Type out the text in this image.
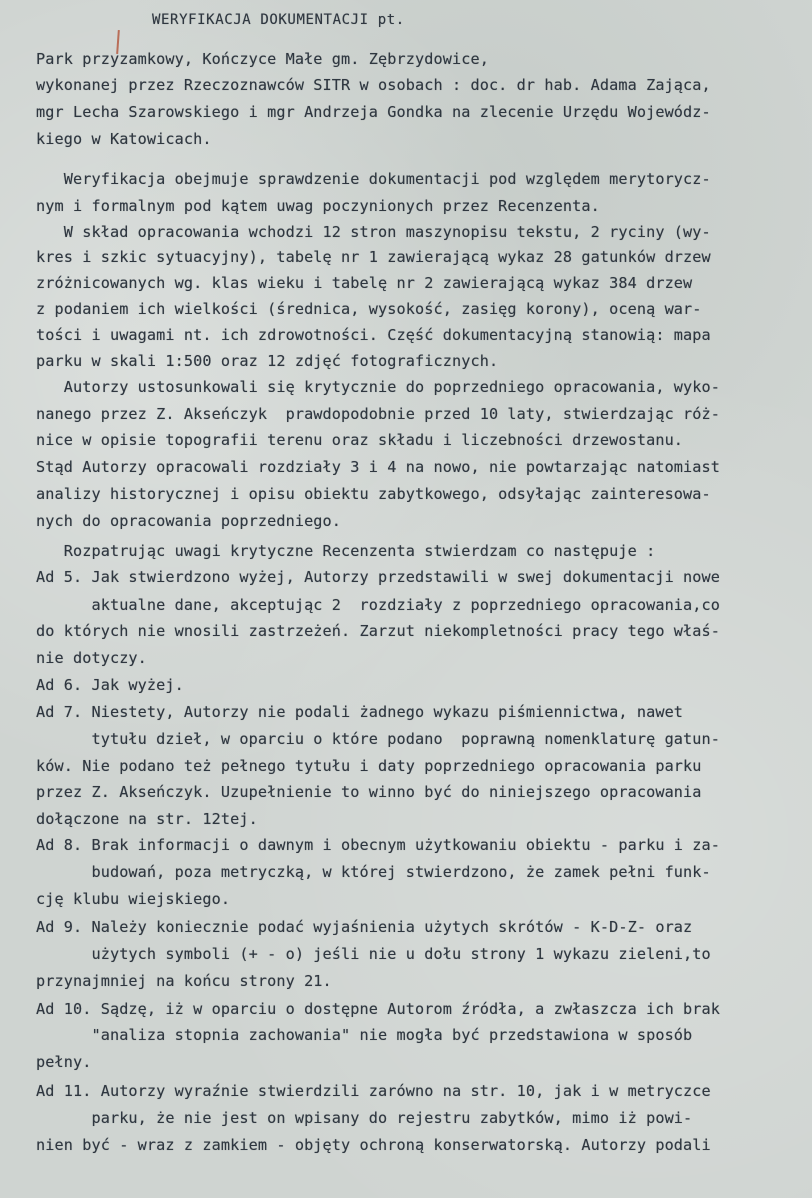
WERYFIKACJA DOKUMENTACJI pt.

Park przyzamkowy, Kończyce Małe gm. Zębrzydowice,

wykonanej przez Rzeczoznawców SITR w osobach : doc. dr hab. Adama Zająca,

mgr Lecha Szarowskiego i mgr Andrzeja Gondka na zlecenie Urzędu Wojewódz-

kiego w Katowicach.

Weryfikacja obejmuje sprawdzenie dokumentacji pod względem merytorycz-

nym i formalnym pod kątem uwag poczynionych przez Recenzenta.

W skład opracowania wchodzi 12 stron maszynopisu tekstu, 2 ryciny (wy-

kres i szkic sytuacyjny), tabelę nr 1 zawierającą wykaz 28 gatunków drzew

zróżnicowanych wg. klas wieku i tabelę nr 2 zawierającą wykaz 384 drzew

z podaniem ich wielkości (średnica, wysokość, zasięg korony), oceną war-

tości i uwagami nt. ich zdrowotności. Część dokumentacyjną stanowią: mapa

parku w skali 1:500 oraz 12 zdjęć fotograficznych.

Autorzy ustosunkowali się krytycznie do poprzedniego opracowania, wyko-

nanego przez Z. Akseńczyk  prawdopodobnie przed 10 laty, stwierdzając róż-

nice w opisie topografii terenu oraz składu i liczebności drzewostanu.

Stąd Autorzy opracowali rozdziały 3 i 4 na nowo, nie powtarzając natomiast

analizy historycznej i opisu obiektu zabytkowego, odsyłając zainteresowa-

nych do opracowania poprzedniego.

Rozpatrując uwagi krytyczne Recenzenta stwierdzam co następuje :

Ad 5. Jak stwierdzono wyżej, Autorzy przedstawili w swej dokumentacji nowe

aktualne dane, akceptując 2  rozdziały z poprzedniego opracowania,co

do których nie wnosili zastrzeżeń. Zarzut niekompletności pracy tego właś-

nie dotyczy.

Ad 6. Jak wyżej.

Ad 7. Niestety, Autorzy nie podali żadnego wykazu piśmiennictwa, nawet

tytułu dzieł, w oparciu o które podano  poprawną nomenklaturę gatun-

ków. Nie podano też pełnego tytułu i daty poprzedniego opracowania parku

przez Z. Akseńczyk. Uzupełnienie to winno być do niniejszego opracowania

dołączone na str. 12tej.

Ad 8. Brak informacji o dawnym i obecnym użytkowaniu obiektu - parku i za-

budowań, poza metryczką, w której stwierdzono, że zamek pełni funk-

cję klubu wiejskiego.

Ad 9. Należy koniecznie podać wyjaśnienia użytych skrótów - K-D-Z- oraz

użytych symboli (+ - o) jeśli nie u dołu strony 1 wykazu zieleni,to

przynajmniej na końcu strony 21.

Ad 10. Sądzę, iż w oparciu o dostępne Autorom źródła, a zwłaszcza ich brak

"analiza stopnia zachowania" nie mogła być przedstawiona w sposób

pełny.

Ad 11. Autorzy wyraźnie stwierdzili zarówno na str. 10, jak i w metryczce

parku, że nie jest on wpisany do rejestru zabytków, mimo iż powi-

nien być - wraz z zamkiem - objęty ochroną konserwatorską. Autorzy podali
